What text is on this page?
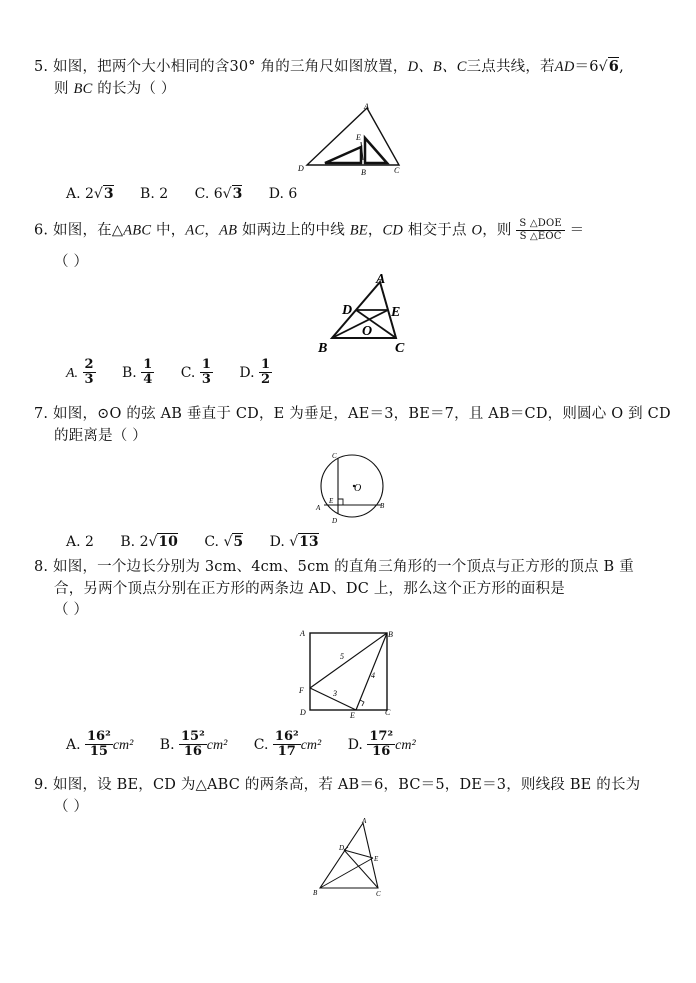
5. 如图，把两个大小相同的含30° 角的三角尺如图放置，D、B、C三点共线，若AD＝6√6,
则 BC 的长为（ ）
A
D
E
B	C
A. 2√3 B. 2 C. 6√3 D. 6
6. 如图，在△ABC 中，AC，AB 如两边上的中线 BE，CD 相交于点 O，则 $\frac{\text{S △DOE}}{\text{S △EOC}}$ ＝
（ ）
A
D	E
O
B	C
A. $\frac{2}{3} B$. $\frac{1}{4} C$. $\frac{1}{3} D$. $\frac{1}{2}$
7. 如图，⊙O 的弦 AB 垂直于 CD，E 为垂足，AE＝3，BE＝7，且 AB＝CD，则圆心 O 到 CD
的距离是（ ）
C
O
E
A	B
D
A. 2 B. 2√10 C. √5 D. √13
8. 如图，一个边长分别为 3cm、4cm、5cm 的直角三角形的一个顶点与正方形的顶点 B 重
合，另两个顶点分别在正方形的两条边 AD、DC 上，那么这个正方形的面积是
（ ）
A	B
F
D	E	C
5
4
3
A. $\frac{\text{16²}}{15} cm^2$ B. $\frac{\text{15²}}{16} cm^2$ C. $\frac{\text{16²}}{17} cm^2$ D. $\frac{\text{17²}}{16} cm^2$
9. 如图，设 BE，CD 为△ABC 的两条高，若 AB＝6，BC＝5，DE＝3，则线段 BE 的长为
（ ）
A
D
E
B	C
